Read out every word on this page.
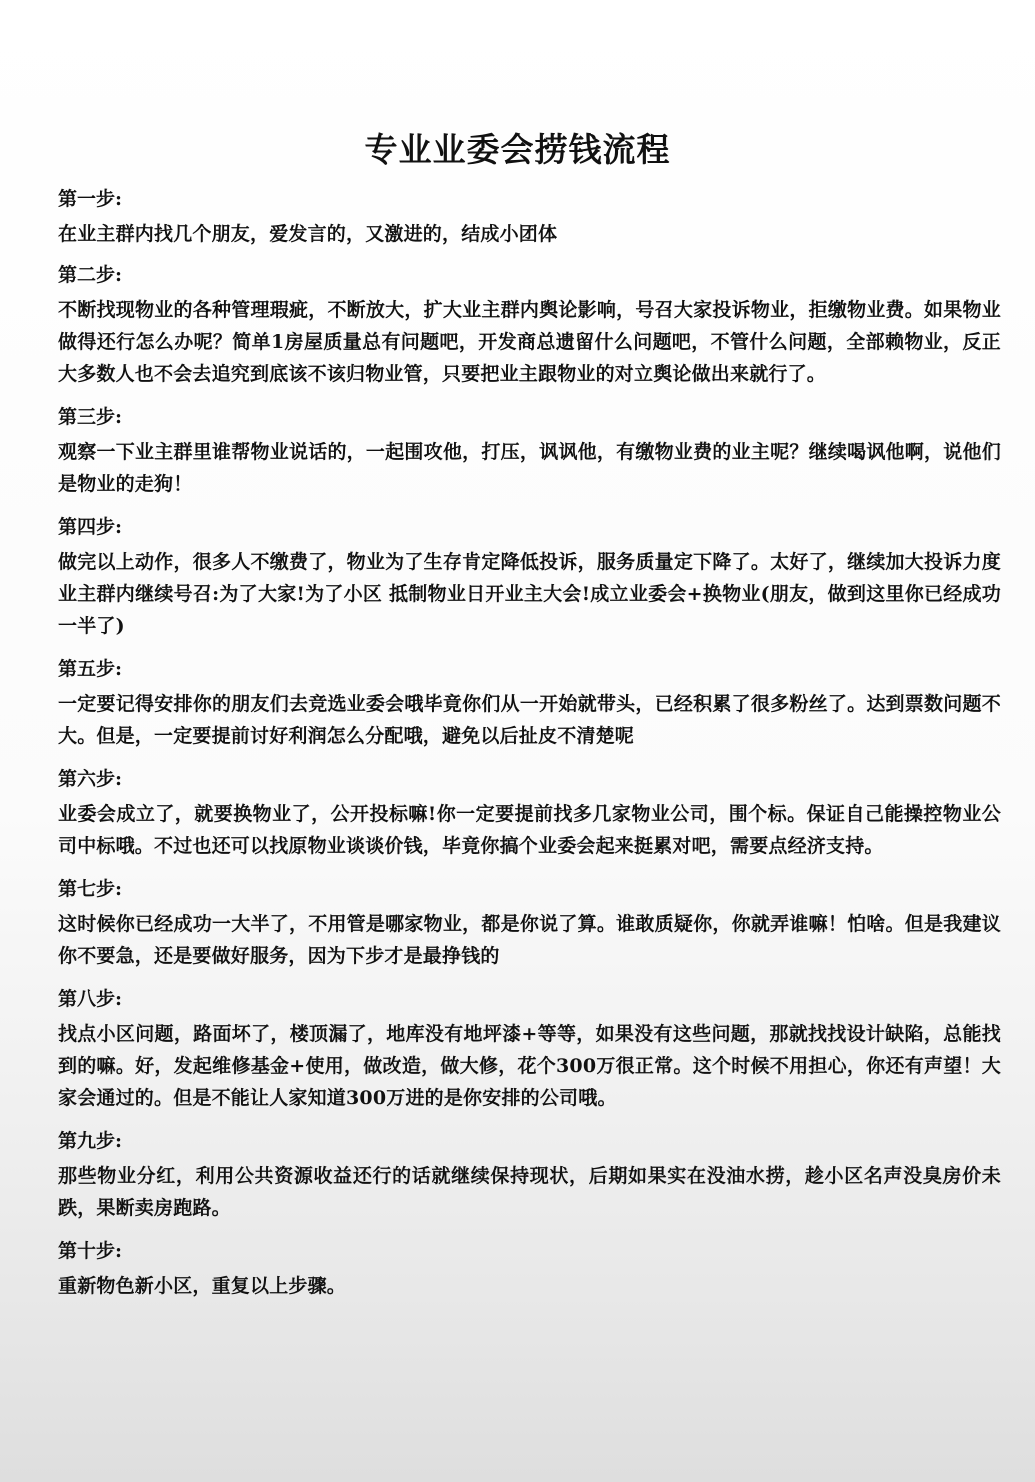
专业业委会捞钱流程

第一步:

在业主群内找几个朋友，爱发言的，又激进的，结成小团体

第二步:

不断找现物业的各种管理瑕疵，不断放大，扩大业主群内舆论影响，号召大家投诉物业，拒缴物业费。如果物业做得还行怎么办呢？简单1房屋质量总有问题吧，开发商总遗留什么问题吧，不管什么问题，全部赖物业，反正大多数人也不会去追究到底该不该归物业管，只要把业主跟物业的对立舆论做出来就行了。

第三步:

观察一下业主群里谁帮物业说话的，一起围攻他，打压，讽讽他，有缴物业费的业主呢？继续喝讽他啊，说他们是物业的走狗！

第四步:

做完以上动作，很多人不缴费了，物业为了生存肯定降低投诉，服务质量定下降了。太好了，继续加大投诉力度业主群内继续号召:为了大家!为了小区 抵制物业日开业主大会!成立业委会+换物业(朋友，做到这里你已经成功一半了)

第五步:

一定要记得安排你的朋友们去竞选业委会哦毕竟你们从一开始就带头，已经积累了很多粉丝了。达到票数问题不大。但是，一定要提前讨好利润怎么分配哦，避免以后扯皮不清楚呢

第六步:

业委会成立了，就要换物业了，公开投标嘛!你一定要提前找多几家物业公司，围个标。保证自己能操控物业公司中标哦。不过也还可以找原物业谈谈价钱，毕竟你搞个业委会起来挺累对吧，需要点经济支持。

第七步:

这时候你已经成功一大半了，不用管是哪家物业，都是你说了算。谁敢质疑你，你就弄谁嘛！怕啥。但是我建议你不要急，还是要做好服务，因为下步才是最挣钱的

第八步:

找点小区问题，路面坏了，楼顶漏了，地库没有地坪漆+等等，如果没有这些问题，那就找找设计缺陷，总能找到的嘛。好，发起维修基金+使用，做改造，做大修，花个300万很正常。这个时候不用担心，你还有声望！大家会通过的。但是不能让人家知道300万进的是你安排的公司哦。

第九步:

那些物业分红，利用公共资源收益还行的话就继续保持现状，后期如果实在没油水捞，趁小区名声没臭房价未跌，果断卖房跑路。

第十步:

重新物色新小区，重复以上步骤。
